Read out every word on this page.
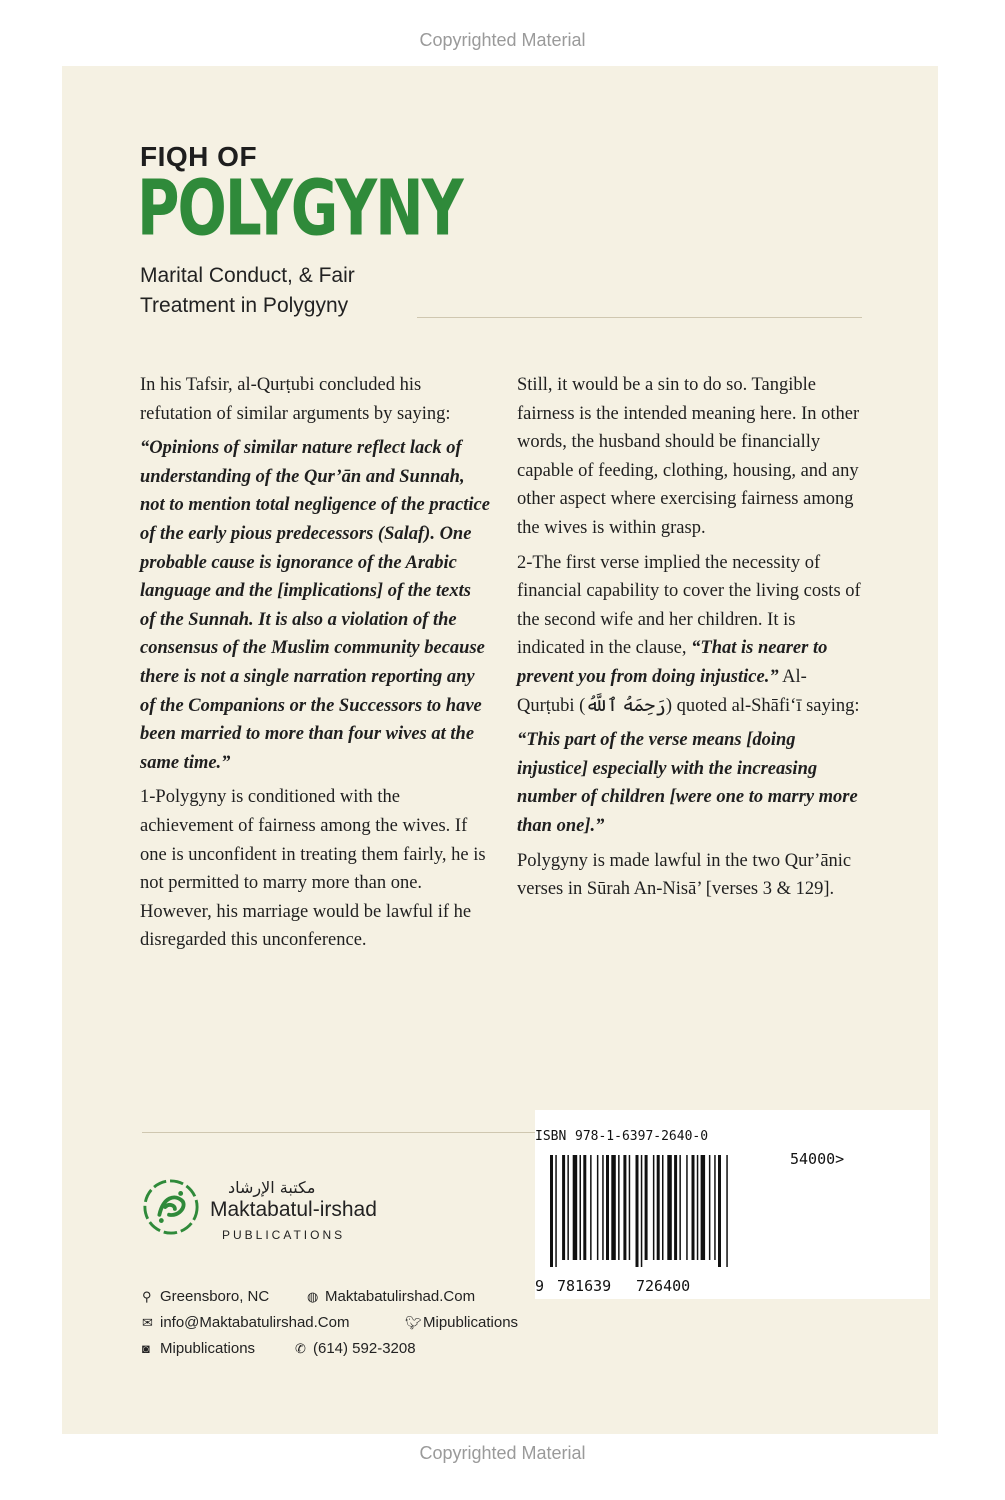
Copyrighted Material
FIQH OF
POLYGYNY
Marital Conduct, & Fair
Treatment in Polygyny

In his Tafsir, al-Qurṭubi concluded his refutation of similar arguments by saying:

“Opinions of similar nature reflect lack of understanding of the Qur’ān and Sunnah, not to mention total negligence of the practice of the early pious predecessors (Salaf). One probable cause is ignorance of the Arabic language and the [implications] of the texts of the Sunnah. It is also a violation of the consensus of the Muslim community because there is not a single narration reporting any of the Companions or the Successors to have been married to more than four wives at the same time.”

1-Polygyny is conditioned with the achievement of fairness among the wives. If one is unconfident in treating them fairly, he is not permitted to marry more than one. However, his marriage would be lawful if he disregarded this unconference.

Still, it would be a sin to do so. Tangible fairness is the intended meaning here. In other words, the husband should be financially capable of feeding, clothing, housing, and any other aspect where exercising fairness among the wives is within grasp.

2-The first verse implied the necessity of financial capability to cover the living costs of the second wife and her children. It is indicated in the clause, “That is nearer to prevent you from doing injustice.” Al- Qurṭubi (رَحِمَهُ ٱللَّهُ) quoted al-Shāfi‘ī saying:

“This part of the verse means [doing injustice] especially with the increasing number of children [were one to marry more than one].”

Polygyny is made lawful in the two Qur’ānic verses in Sūrah An-Nisā’ [verses 3 & 129].

مكتبة الإرشاد
Maktabatul-irshad
PUBLICATIONS
⚲ Greensboro, NC	◍ Maktabatulirshad.Com
✉ info@Maktabatulirshad.Com	🐦︎Mipublications
◙ Mipublications	✆ (614) 592-3208
ISBN 978-1-6397-2640-0
54000>
9 781639 726400
Copyrighted Material
